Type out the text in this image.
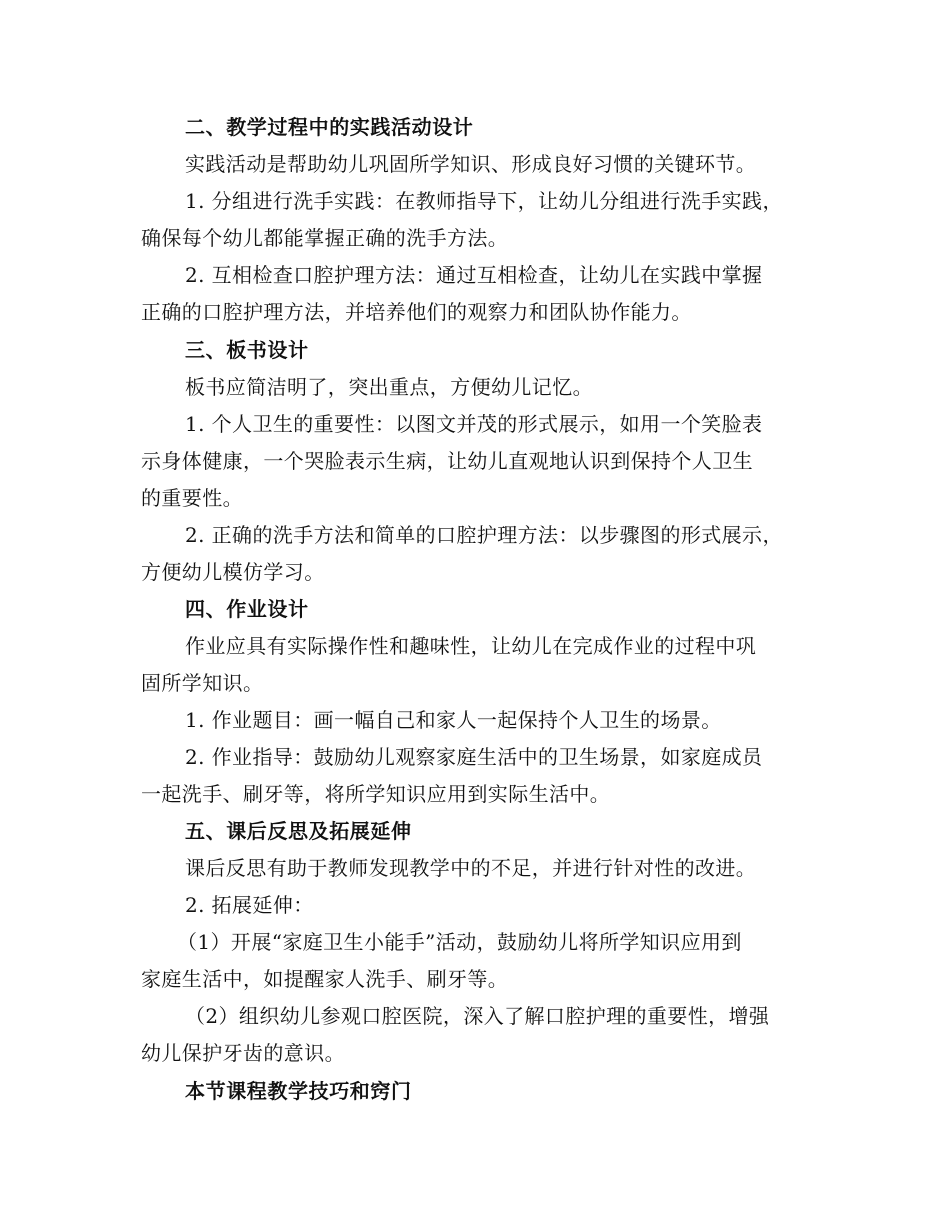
二、教学过程中的实践活动设计
实践活动是帮助幼儿巩固所学知识、形成良好习惯的关键环节。
1. 分组进行洗手实践：在教师指导下，让幼儿分组进行洗手实践，
确保每个幼儿都能掌握正确的洗手方法。
2. 互相检查口腔护理方法：通过互相检查，让幼儿在实践中掌握
正确的口腔护理方法，并培养他们的观察力和团队协作能力。
三、板书设计
板书应简洁明了，突出重点，方便幼儿记忆。
1. 个人卫生的重要性：以图文并茂的形式展示，如用一个笑脸表
示身体健康，一个哭脸表示生病，让幼儿直观地认识到保持个人卫生
的重要性。
2. 正确的洗手方法和简单的口腔护理方法：以步骤图的形式展示，
方便幼儿模仿学习。
四、作业设计
作业应具有实际操作性和趣味性，让幼儿在完成作业的过程中巩
固所学知识。
1. 作业题目：画一幅自己和家人一起保持个人卫生的场景。
2. 作业指导：鼓励幼儿观察家庭生活中的卫生场景，如家庭成员
一起洗手、刷牙等，将所学知识应用到实际生活中。
五、课后反思及拓展延伸
课后反思有助于教师发现教学中的不足，并进行针对性的改进。
2. 拓展延伸：
（1）开展“家庭卫生小能手”活动，鼓励幼儿将所学知识应用到
家庭生活中，如提醒家人洗手、刷牙等。
（2）组织幼儿参观口腔医院，深入了解口腔护理的重要性，增强
幼儿保护牙齿的意识。
本节课程教学技巧和窍门
